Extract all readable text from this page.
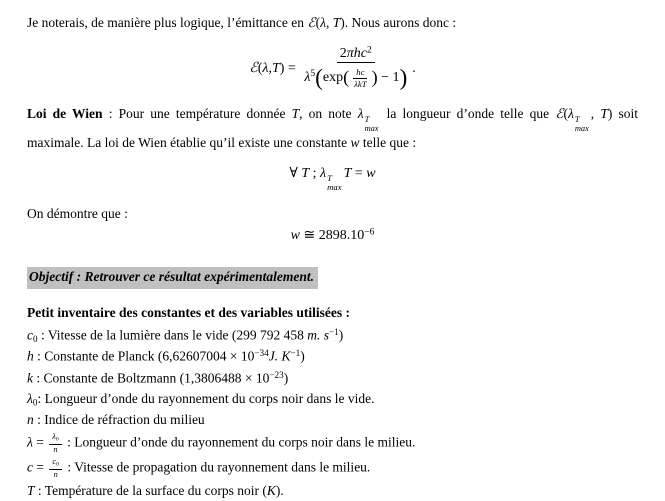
Je noterais, de manière plus logique, l’émittance en ℰ(λ, T). Nous aurons donc :

ℰ(λ,T) = $\frac{2\pi hc^2}{\lambda^5(\exp( \frac{hc}{\text{λkT}} ) - 1)}$ .

Loi de Wien : Pour une température donnée T, on note λ T
max
la longueur d’onde telle que ℰ(λ T
max
, T) soit maximale. La loi de Wien établie qu’il existe une constante w telle que :

∀ T ; λ T
max
T = w

On démontre que :

w ≅ $2898.10^{-6}$

Objectif : Retrouver ce résultat expérimentalement.

Petit inventaire des constantes et des variables utilisées :

c0 : Vitesse de la lumière dans le vide (299 792 458 m. $s^{-1}$)

h : Constante de Planck ($6,62607004 \times 10^{-34}J$. $K^{-1}$)

k : Constante de Boltzmann $(1,3806488 \times 10^{-23})$

λ0: Longueur d’onde du rayonnement du corps noir dans le vide.

n : Indice de réfraction du milieu

$\lambda = \frac{\lambda 0}{n}$ : Longueur d’onde du rayonnement du corps noir dans le milieu.

$c = \frac{c0}{n}$ : Vitesse de propagation du rayonnement dans le milieu.

T : Température de la surface du corps noir (K).
